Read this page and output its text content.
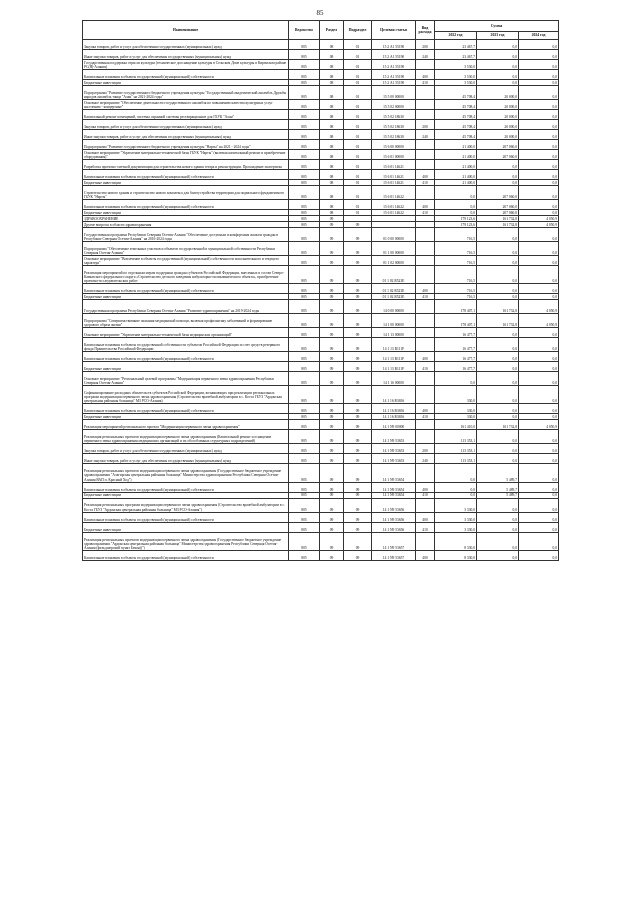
85
Наименование	Ведомство	Раздел	Подраздел	Целевая статья	Вид расхода	Сумма		
						2022 год	2023 год	2024 год
Закупка товаров, работ и услуг для обеспечения государственных (муниципальных) нужд	805	08	01	15 2 А1 55190	200	23 467,7	0,0	0,0
Иные закупки товаров, работ и услуг для обеспечения государственных (муниципальных) нужд	805	08	01	15 2 А1 55190	240	23 467,7	0,0	0,0
Государственная поддержка отрасли культуры (техническое дооснащение культуры в Сельском Доме культуры в Киренском районе РС(Я)-Алания)	805	08	01	15 2 А1 55190		3 530,0	0,0	0,0
Капитальные вложения в объекты государственной (муниципальной) собственности	805	08	01	15 2 А1 55190	400	3 530,0	0,0	0,0
Бюджетные инвестиции	805	08	01	15 2 А1 55190	410	3 530,0	0,0	0,0
Подпрограмма "Развитие государственного бюджетного учреждения культуры "Государственный академический ансамбль Дружбы народов ансамбль танца "Алан" на 2021-2024 годы"	805	08	01	15 5 00 00000		45 708,4	20 000,0	0,0
Основное мероприятие "Обеспечение деятельности государственного ансамбля по повышению качества культурных услуг населению - концертные"	805	08	01	15 5 02 00000		45 708,4	20 000,0	0,0
Капитальный ремонт помещений, системы охранной системы реставрационное для ГБУК "Алан"	805	08	01	15 5 02 18630		45 708,4	20 000,0	0,0
Закупка товаров, работ и услуг для обеспечения государственных (муниципальных) нужд	805	08	01	15 5 02 18630	200	45 708,4	20 000,0	0,0
Иные закупки товаров, работ и услуг для обеспечения государственных (муниципальных) нужд	805	08	01	15 5 02 18630	240	45 708,4	20 000,0	0,0
Подпрограмма "Развитие государственного бюджетного учреждения культуры "Нарты" на 2021 - 2024 годы"	805	08	01	15 6 00 00000		21 400,0	207 060,0	0,0
Основное мероприятие "Укрепление материально-технической базы ГБУК "Нарты" (включая капитальный ремонт и приобретение оборудования)"	805	08	01	15 6 01 00000		21 400,0	207 060,0	0,0
Разработка проектно-сметной документации для строительства нового здания театра и реконструкции. Прохождение экспертизы	805	08	01	15 6 01 14621		21 400,0	0,0	0,0
Капитальные вложения в объекты государственной (муниципальной) собственности	805	08	01	15 6 01 14621	400	21 400,0	0,0	0,0
Бюджетные инвестиции	805	08	01	15 6 01 14621	410	21 400,0	0,0	0,0
Строительство нового здания и строительство нового комплекса для благоустройства территории для подвального фундаментного ГБУК "Нарты"	805	08	01	15 6 01 14622		0,0	207 060,0	0,0
Капитальные вложения в объекты государственной (муниципальной) собственности	805	08	01	15 6 01 14622	400	0,0	207 060,0	0,0
Бюджетные инвестиции	805	08	01	15 6 01 14622	410	0,0	207 060,0	0,0
ЗДРАВООХРАНЕНИЕ	805	09				179 123,6	161 732,8	4 050,9
Другие вопросы в области здравоохранения	805	09	09			179 123,6	161 732,8	4 050,9
Государственная программа Республики Северная Осетия-Алания "Обеспечение доступным и комфортным жильем граждан в Республике Северная Осетия-Алания" на 2016-2024 годы	805	09	09	01 0 00 00000		716,5	0,0	0,0
Подпрограмма "Обеспечение земельных участков и объектов государственной и муниципальной собственности Республики Северная Осетия-Алания"	805	09	09	01 1 00 00000		716,5	0,0	0,0
Основное мероприятие "Вовлечение в объекты государственной (муниципальной) собственности исполнительного и текущего характера"	805	09	09	01 1 02 00000		716,5	0,0	0,0
Реализация мероприятий по отдельным мерам поддержки граждан субъектов Российской Федерации, внесенных в состав Северо-Кавказского федерального округа «Строительство детского заведения амбулаторно-поликлинического объекта», приобретение проектно-исследовательских работ	805	09	09	01 1 02 R523Е		716,5	0,0	0,0
Капитальные вложения в объекты государственной (муниципальной) собственности	805	09	09	01 1 02 R523Е	400	716,5	0,0	0,0
Бюджетные инвестиции	805	09	09	01 1 02 R523Е	410	716,5	0,0	0,0
Государственная программа Республики Северная Осетия-Алания "Развитие здравоохранения" на 2019-2024 годы	805	09	09	14 0 00 00000		178 407,1	161 732,8	4 050,9
Подпрограмма "Совершенствование оказания медицинской помощи, включая профилактику заболеваний и формирование здорового образа жизни"	805	09	09	14 1 00 00000		178 407,1	161 732,8	4 050,9
Основное мероприятие "Укрепление материально-технической базы медицинских организаций"	805	09	09	14 1 13 00000		16 477,7	0,0	0,0
Капитальные вложения в объекты государственной собственности субъектов Российской Федерации за счет средств резервного фонда Правительства Российской Федерации	805	09	09	14 1 13 R111F		16 477,7	0,0	0,0
Капитальные вложения в объекты государственной (муниципальной) собственности	805	09	09	14 1 13 R111F	400	16 477,7	0,0	0,0
Бюджетные инвестиции	805	09	09	14 1 13 R111F	410	16 477,7	0,0	0,0
Основное мероприятие "Региональный целевой программы "Модернизация первичного звена здравоохранения Республики Северная Осетия-Алания"	805	09	09	14 1 16 00000		0,0	0,0	0,0
Софинансирование расходных обязательств субъектов Российской Федерации, возникающих при реализации региональных программ модернизации первичного звена здравоохранения (Строительство врачебной амбулатории в с. Коста ГБУЗ "Ардонская центральная районная больница" МЗ РСО-Алания)	805	09	09	14 1 16 R3656		330,0	0,0	0,0
Капитальные вложения в объекты государственной (муниципальной) собственности	805	09	09	14 1 16 R3656	400	330,0	0,0	0,0
Бюджетные инвестиции	805	09	09	14 1 16 R3656	410	330,0	0,0	0,0
Реализация мероприятий регионального проекта "Модернизация первичного звена здравоохранения"	805	09	09	14 1 N9 00000		161 410,0	161 732,8	4 050,9
Реализация региональных проектов модернизации первичного звена здравоохранения (Капитальный ремонт и оснащение первичного звена здравоохранения медицинских организаций и их обособленных структурных подразделений)	805	09	09	14 1 N9 53653		113 353,1	0,0	0,0
Закупка товаров, работ и услуг для обеспечения государственных (муниципальных) нужд	805	09	09	14 1 N9 53653	200	113 353,1	0,0	0,0
Иные закупки товаров, работ и услуг для обеспечения государственных (муниципальных) нужд	805	09	09	14 1 N9 53653	240	113 353,1	0,0	0,0
Реализация региональных проектов модернизации первичного звена здравоохранения (Государственное бюджетное учреждение здравоохранения "Алагирская центральная районная больница" Министерства здравоохранения Республики Северная Осетия-Алания ВАП п. Красный Ход")	805	09	09	14 1 N9 53654		0,0	5 489,7	0,0
Капитальные вложения в объекты государственной (муниципальной) собственности	805	09	09	14 1 N9 53654	400	0,0	5 489,7	0,0
Бюджетные инвестиции	805	09	09	14 1 N9 53654	410	0,0	5 489,7	0,0
Реализация региональных программ модернизации первичного звена здравоохранения (Строительство врачебной амбулатории в с. Коста ГБУЗ "Ардонская центральная районная больница" МЗ РСО-Алания")	805	09	09	14 1 N9 53656		3 330,0	0,0	0,0
Капитальные вложения в объекты государственной (муниципальной) собственности	805	09	09	14 1 N9 53656	400	3 330,0	0,0	0,0
Бюджетные инвестиции	805	09	09	14 1 N9 53656	410	3 330,0	0,0	0,0
Реализация региональных проектов модернизации первичного звена здравоохранения (Государственное бюджетное учреждение здравоохранения "Ардонская центральная районная больница" Министерства здравоохранения Республики Северная Осетия-Алания (фельдшерский пункт Бекан))")	805	09	09	14 1 N9 53657		8 330,0	0,0	0,0
Капитальные вложения в объекты государственной (муниципальной) собственности	805	09	09	14 1 N9 53657	400	8 330,0	0,0	0,0
